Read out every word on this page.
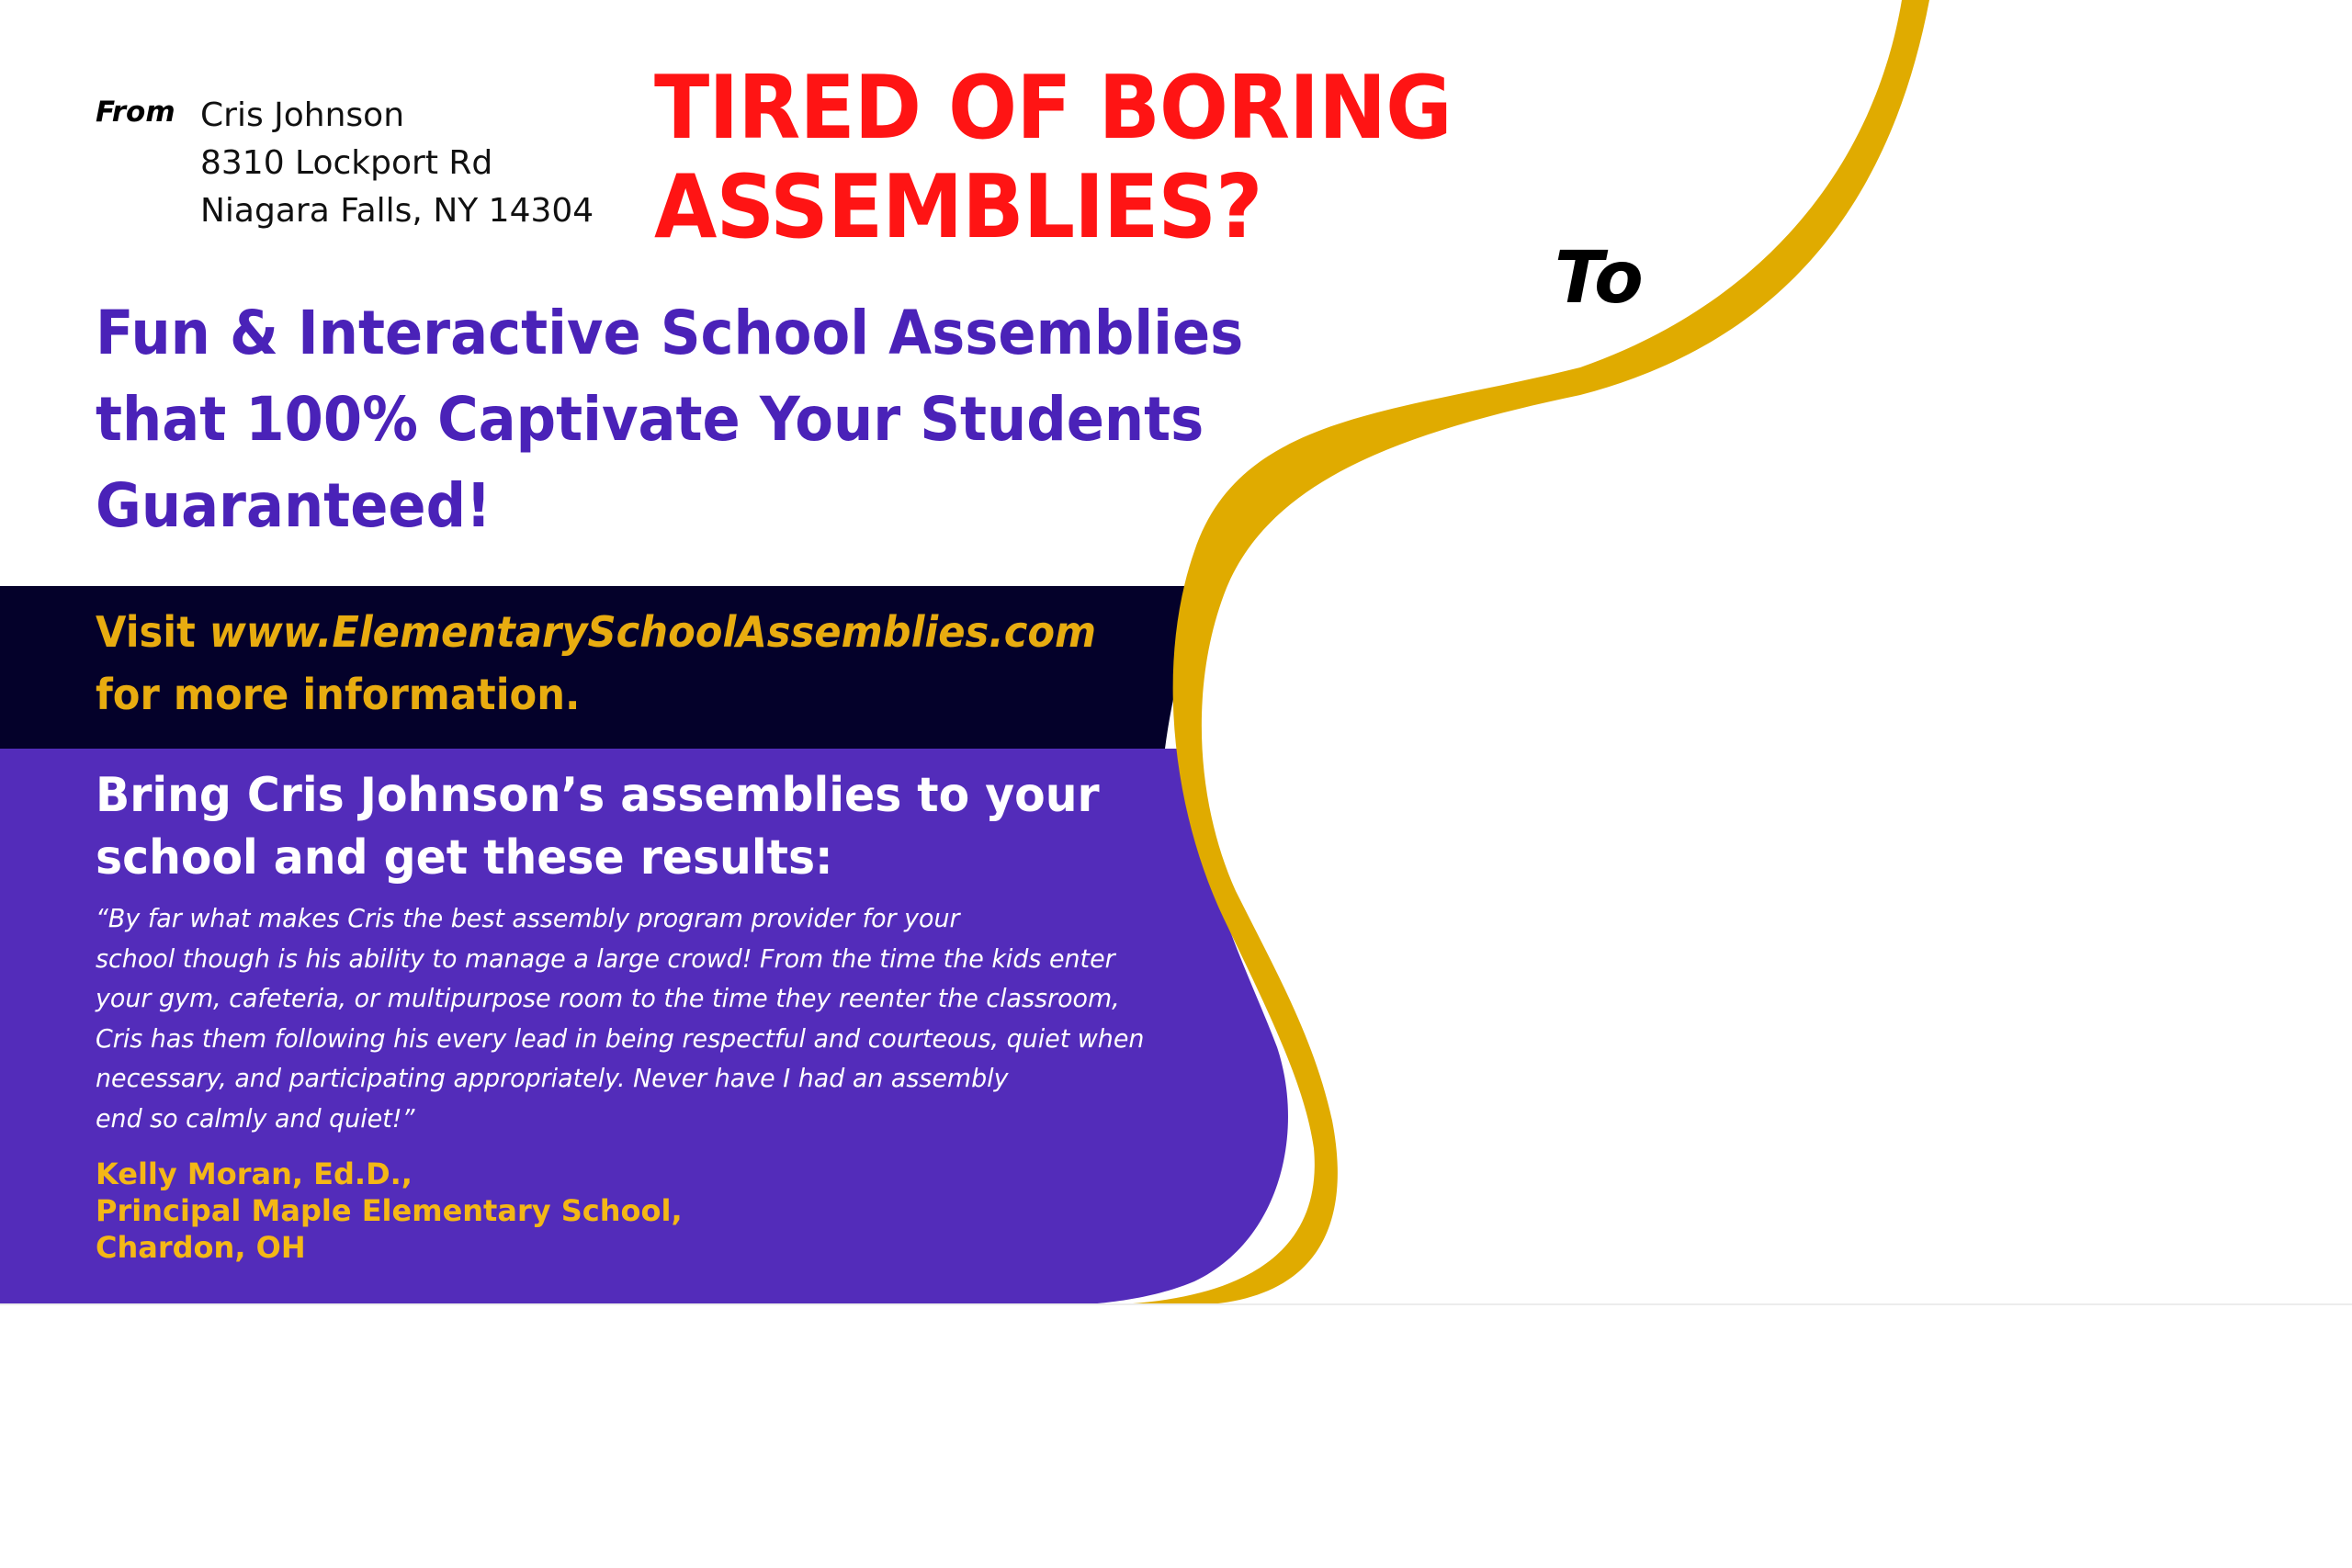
From Cris Johnson
8310 Lockport Rd
Niagara Falls, NY 14304
TIRED OF BORING
ASSEMBLIES?
To
Fun & Interactive School Assemblies
that 100% Captivate Your Students
Guaranteed!
Visit www.ElementarySchoolAssemblies.com
for more information.
Bring Cris Johnson’s assemblies to your
school and get these results:
“By far what makes Cris the best assembly program provider for your
school though is his ability to manage a large crowd! From the time the kids enter
your gym, cafeteria, or multipurpose room to the time they reenter the classroom,
Cris has them following his every lead in being respectful and courteous, quiet when
necessary, and participating appropriately. Never have I had an assembly
end so calmly and quiet!”
Kelly Moran, Ed.D.,
Principal Maple Elementary School,
Chardon, OH
